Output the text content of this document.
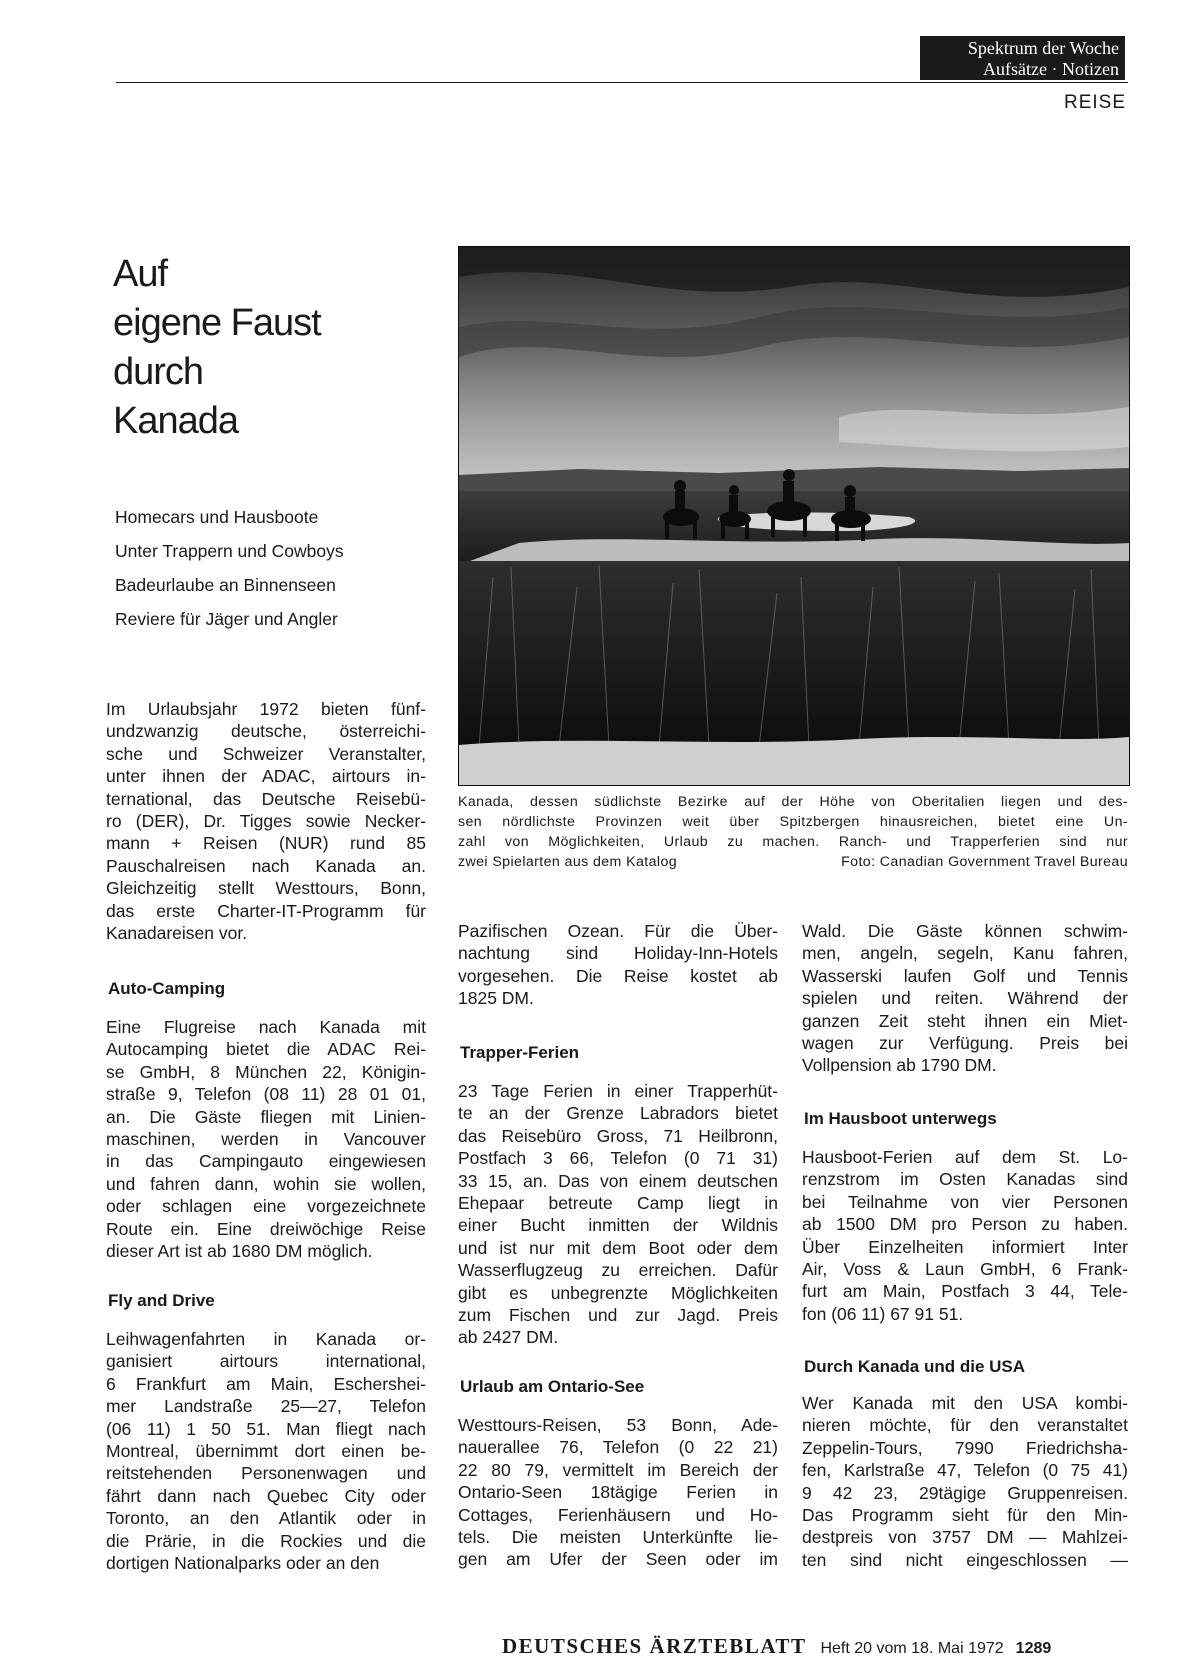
Spektrum der Woche
Aufsätze · Notizen
REISE
Auf
eigene Faust
durch
Kanada
Homecars und Hausboote
Unter Trappern und Cowboys
Badeurlaube an Binnenseen
Reviere für Jäger und Angler

Kanada, dessen südlichste Bezirke auf der Höhe von Oberitalien liegen und des-

sen nördlichste Provinzen weit über Spitzbergen hinausreichen, bietet eine Un-

zahl von Möglichkeiten, Urlaub zu machen. Ranch- und Trapperferien sind nur

zwei Spielarten aus dem Katalog	Foto: Canadian Government Travel Bureau

Im Urlaubsjahr 1972 bieten fünf-
undzwanzig deutsche, österreichi-
sche und Schweizer Veranstalter,
unter ihnen der ADAC, airtours in-
ternational, das Deutsche Reisebü-
ro (DER), Dr. Tigges sowie Necker-
mann + Reisen (NUR) rund 85
Pauschalreisen nach Kanada an.
Gleichzeitig stellt Westtours, Bonn,
das erste Charter-IT-Programm für
Kanadareisen vor.
Auto-Camping
Eine Flugreise nach Kanada mit
Autocamping bietet die ADAC Rei-
se GmbH, 8 München 22, Königin-
straße 9, Telefon (08 11) 28 01 01,
an. Die Gäste fliegen mit Linien-
maschinen, werden in Vancouver
in das Campingauto eingewiesen
und fahren dann, wohin sie wollen,
oder schlagen eine vorgezeichnete
Route ein. Eine dreiwöchige Reise
dieser Art ist ab 1680 DM möglich.
Fly and Drive
Leihwagenfahrten in Kanada or-
ganisiert airtours international,
6 Frankfurt am Main, Eschershei-
mer Landstraße 25—27, Telefon
(06 11) 1 50 51. Man fliegt nach
Montreal, übernimmt dort einen be-
reitstehenden Personenwagen und
fährt dann nach Quebec City oder
Toronto, an den Atlantik oder in
die Prärie, in die Rockies und die
dortigen Nationalparks oder an den
Pazifischen Ozean. Für die Über-
nachtung sind Holiday-Inn-Hotels
vorgesehen. Die Reise kostet ab
1825 DM.
Trapper-Ferien
23 Tage Ferien in einer Trapperhüt-
te an der Grenze Labradors bietet
das Reisebüro Gross, 71 Heilbronn,
Postfach 3 66, Telefon (0 71 31)
33 15, an. Das von einem deutschen
Ehepaar betreute Camp liegt in
einer Bucht inmitten der Wildnis
und ist nur mit dem Boot oder dem
Wasserflugzeug zu erreichen. Dafür
gibt es unbegrenzte Möglichkeiten
zum Fischen und zur Jagd. Preis
ab 2427 DM.
Urlaub am Ontario-See
Westtours-Reisen, 53 Bonn, Ade-
nauerallee 76, Telefon (0 22 21)
22 80 79, vermittelt im Bereich der
Ontario-Seen 18tägige Ferien in
Cottages, Ferienhäusern und Ho-
tels. Die meisten Unterkünfte lie-
gen am Ufer der Seen oder im
Wald. Die Gäste können schwim-
men, angeln, segeln, Kanu fahren,
Wasserski laufen Golf und Tennis
spielen und reiten. Während der
ganzen Zeit steht ihnen ein Miet-
wagen zur Verfügung. Preis bei
Vollpension ab 1790 DM.
Im Hausboot unterwegs
Hausboot-Ferien auf dem St. Lo-
renzstrom im Osten Kanadas sind
bei Teilnahme von vier Personen
ab 1500 DM pro Person zu haben.
Über Einzelheiten informiert Inter
Air, Voss & Laun GmbH, 6 Frank-
furt am Main, Postfach 3 44, Tele-
fon (06 11) 67 91 51.
Durch Kanada und die USA
Wer Kanada mit den USA kombi-
nieren möchte, für den veranstaltet
Zeppelin-Tours, 7990 Friedrichsha-
fen, Karlstraße 47, Telefon (0 75 41)
9 42 23, 29tägige Gruppenreisen.
Das Programm sieht für den Min-
destpreis von 3757 DM — Mahlzei-
ten sind nicht eingeschlossen —
DEUTSCHES ÄRZTEBLATT Heft 20 vom 18. Mai 1972 1289
